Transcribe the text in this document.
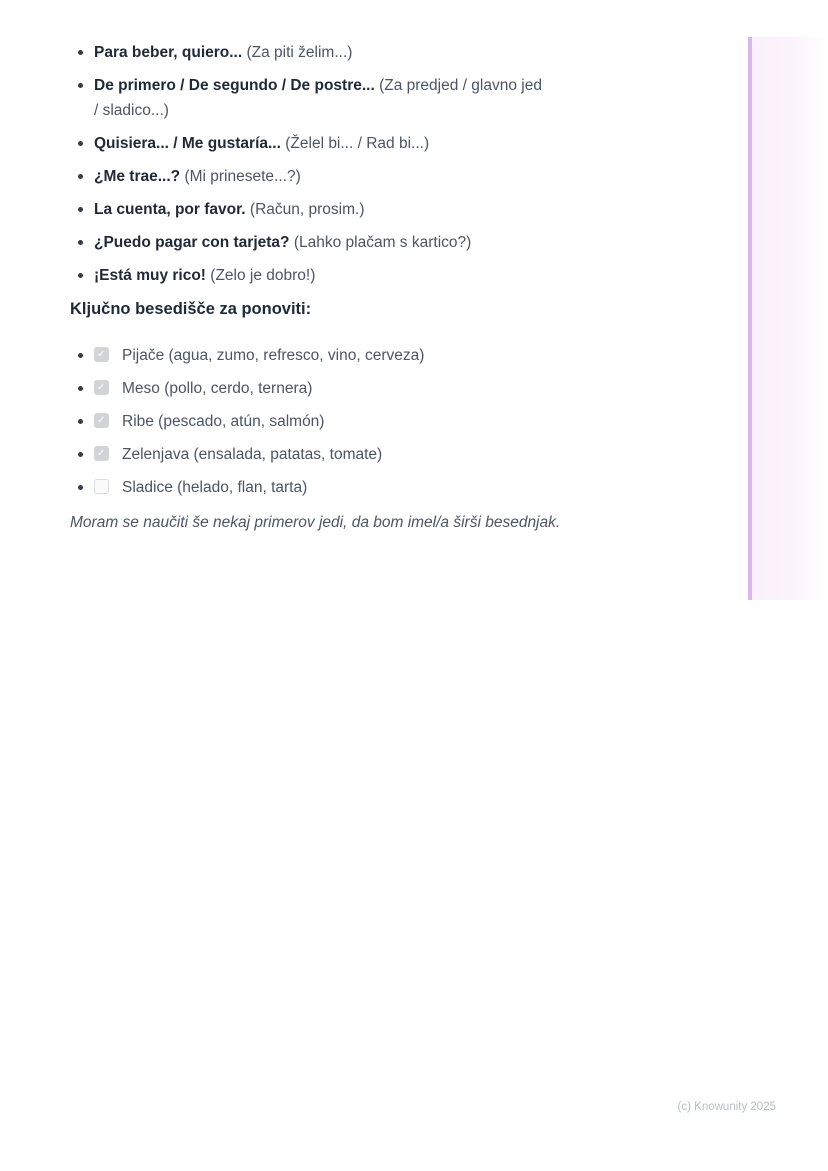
Para beber, quiero... (Za piti želim...)
De primero / De segundo / De postre... (Za predjed / glavno jed / sladico...)
Quisiera... / Me gustaría... (Želel bi... / Rad bi...)
¿Me trae...? (Mi prinesete...?)
La cuenta, por favor. (Račun, prosim.)
¿Puedo pagar con tarjeta? (Lahko plačam s kartico?)
¡Está muy rico! (Zelo je dobro!)
Ključno besedišče za ponoviti:
✓Pijače (agua, zumo, refresco, vino, cerveza)
✓Meso (pollo, cerdo, ternera)
✓Ribe (pescado, atún, salmón)
✓Zelenjava (ensalada, patatas, tomate)
Sladice (helado, flan, tarta)

Moram se naučiti še nekaj primerov jedi, da bom imel/a širši besednjak.

(c) Knowunity 2025
